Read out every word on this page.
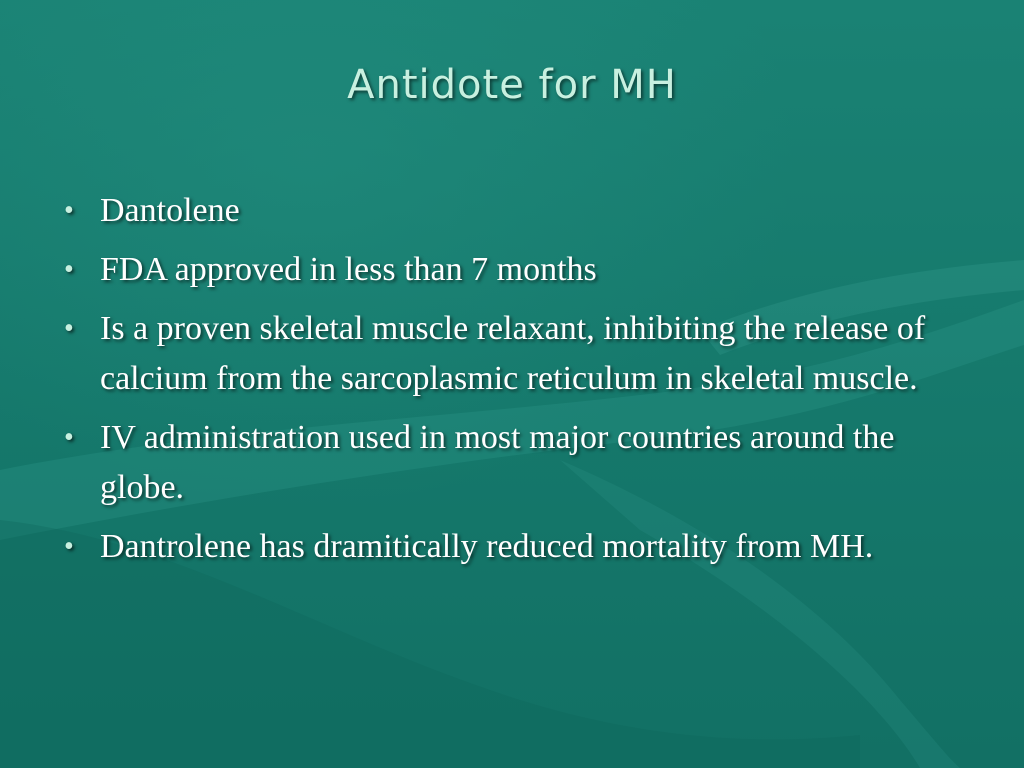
Antidote for MH
• Dantolene
• FDA approved in less than 7 months
• Is a proven skeletal muscle relaxant, inhibiting the release of calcium from the sarcoplasmic reticulum in skeletal muscle.
• IV administration used in most major countries around the globe.
• Dantrolene has dramitically reduced mortality from MH.
